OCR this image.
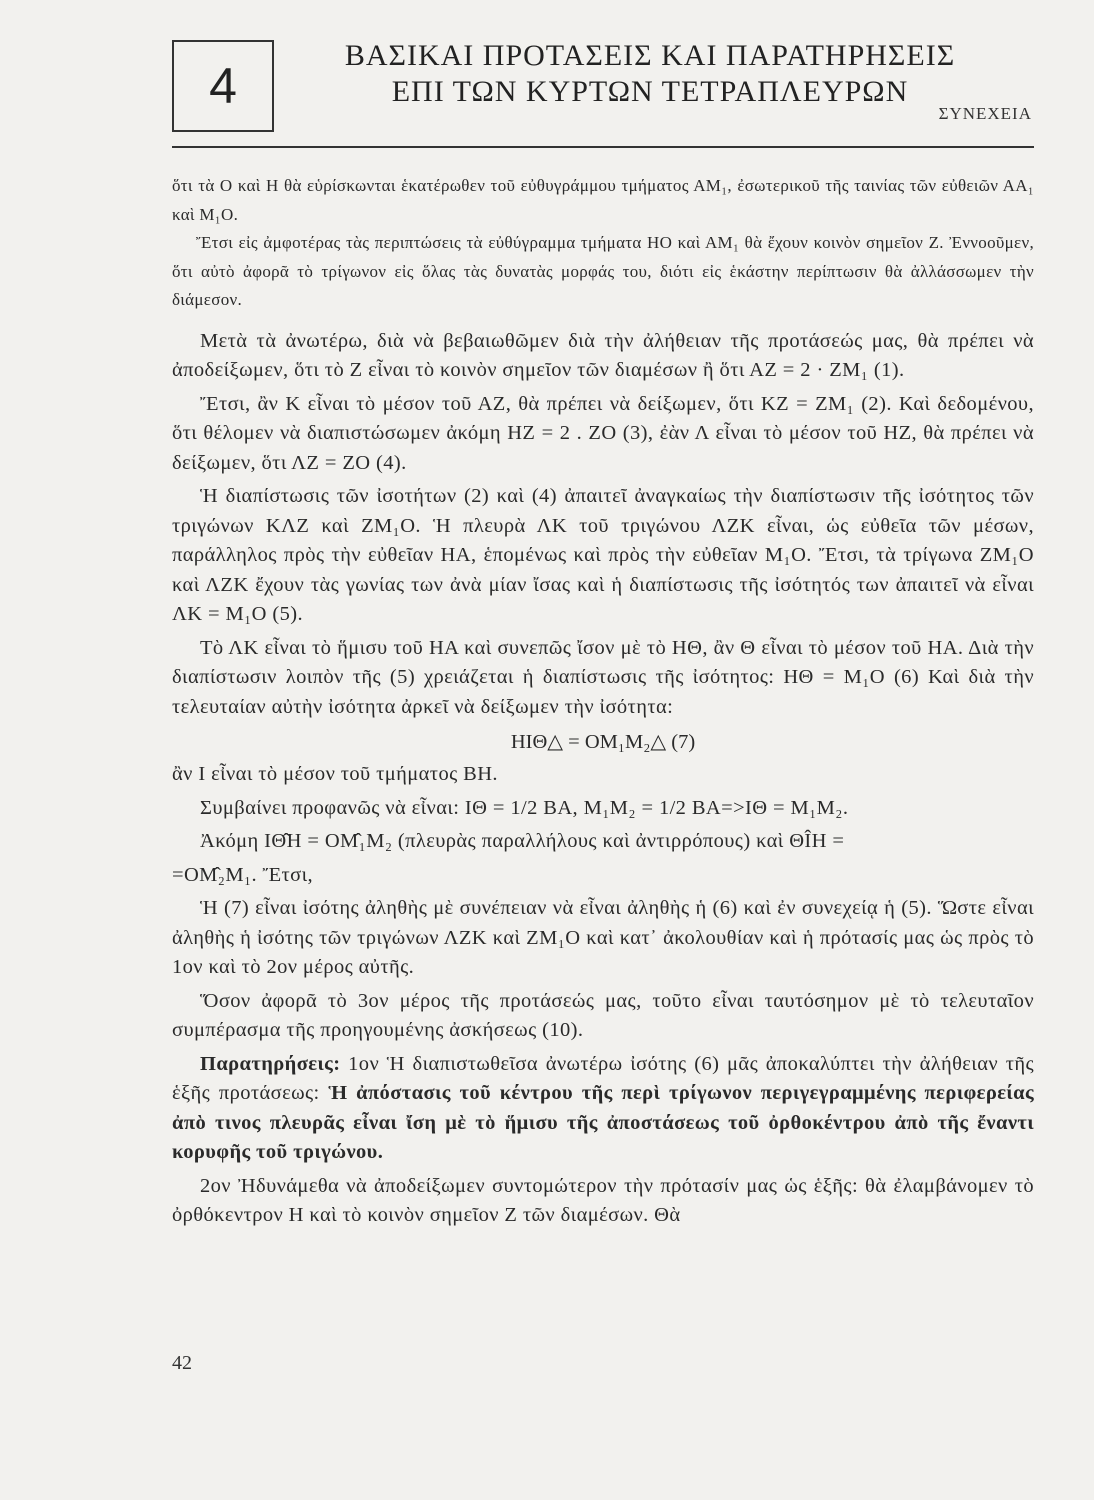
4
ΒΑΣΙΚΑΙ ΠΡΟΤΑΣΕΙΣ ΚΑΙ ΠΑΡΑΤΗΡΗΣΕΙΣ
ΕΠΙ ΤΩΝ ΚΥΡΤΩΝ ΤΕΤΡΑΠΛΕΥΡΩΝ
ΣΥΝΕΧΕΙΑ

ὅτι τὰ Ο καὶ Η θὰ εὑρίσκωνται ἑκατέρωθεν τοῦ εὐθυγράμμου τμήματος ΑΜ₁, ἐσωτερικοῦ τῆς ταινίας τῶν εὐθειῶν ΑΑ₁ καὶ Μ₁Ο.

Ἔτσι εἰς ἀμφοτέρας τὰς περιπτώσεις τὰ εὐθύγραμμα τμήματα ΗΟ καὶ ΑΜ₁ θὰ ἔχουν κοινὸν σημεῖον Ζ. Ἐννοοῦμεν, ὅτι αὐτὸ ἀφορᾶ τὸ τρίγωνον εἰς ὅλας τὰς δυνατὰς μορφάς του, διότι εἰς ἑκάστην περίπτωσιν θὰ ἀλλάσσωμεν τὴν διάμεσον.

Μετὰ τὰ ἀνωτέρω, διὰ νὰ βεβαιωθῶμεν διὰ τὴν ἀλήθειαν τῆς προτάσεώς μας, θὰ πρέπει νὰ ἀποδείξωμεν, ὅτι τὸ Ζ εἶναι τὸ κοινὸν σημεῖον τῶν διαμέσων ἢ ὅτι ΑΖ = 2 · ΖΜ₁ (1).

Ἔτσι, ἂν Κ εἶναι τὸ μέσον τοῦ ΑΖ, θὰ πρέπει νὰ δείξωμεν, ὅτι ΚΖ = ΖΜ₁ (2). Καὶ δεδομένου, ὅτι θέλομεν νὰ διαπιστώσωμεν ἀκόμη ΗΖ = 2 . ΖΟ (3), ἐὰν Λ εἶναι τὸ μέσον τοῦ ΗΖ, θὰ πρέπει νὰ δείξωμεν, ὅτι ΛΖ = ΖΟ (4).

Ἡ διαπίστωσις τῶν ἰσοτήτων (2) καὶ (4) ἀπαιτεῖ ἀναγκαίως τὴν διαπίστωσιν τῆς ἰσότητος τῶν τριγώνων ΚΛΖ καὶ ΖΜ₁Ο. Ἡ πλευρὰ ΛΚ τοῦ τριγώνου ΛΖΚ εἶναι, ὡς εὐθεῖα τῶν μέσων, παράλληλος πρὸς τὴν εὐθεῖαν ΗΑ, ἑπομένως καὶ πρὸς τὴν εὐθεῖαν Μ₁Ο. Ἔτσι, τὰ τρίγωνα ΖΜ₁Ο καὶ ΛΖΚ ἔχουν τὰς γωνίας των ἀνὰ μίαν ἴσας καὶ ἡ διαπίστωσις τῆς ἰσότητός των ἀπαιτεῖ νὰ εἶναι ΛΚ = Μ₁Ο (5).

Τὸ ΛΚ εἶναι τὸ ἥμισυ τοῦ ΗΑ καὶ συνεπῶς ἴσον μὲ τὸ ΗΘ, ἂν Θ εἶναι τὸ μέσον τοῦ ΗΑ. Διὰ τὴν διαπίστωσιν λοιπὸν τῆς (5) χρειάζεται ἡ διαπίστωσις τῆς ἰσότητος: ΗΘ = Μ₁Ο (6) Καὶ διὰ τὴν τελευταίαν αὐτὴν ἰσότητα ἀρκεῖ νὰ δείξωμεν τὴν ἰσότητα:

ΗΙΘ△ = ΟΜ₁Μ₂△ (7)

ἂν Ι εἶναι τὸ μέσον τοῦ τμήματος ΒΗ.

Συμβαίνει προφανῶς νὰ εἶναι: ΙΘ = 1/2 ΒΑ, Μ₁Μ₂ = 1/2 ΒΑ=>ΙΘ = Μ₁Μ₂.

Ἀκόμη ΙΘ̂Η = ΟΜ̂₁Μ₂ (πλευρὰς παραλλήλους καὶ ἀντιρρόπους) καὶ ΘÎΗ =

=ΟΜ̂₂Μ₁. Ἔτσι,

Ἡ (7) εἶναι ἰσότης ἀληθὴς μὲ συνέπειαν νὰ εἶναι ἀληθὴς ἡ (6) καὶ ἐν συνεχείᾳ ἡ (5). Ὥστε εἶναι ἀληθὴς ἡ ἰσότης τῶν τριγώνων ΛΖΚ καὶ ΖΜ₁Ο καὶ κατ᾽ ἀκολουθίαν καὶ ἡ πρότασίς μας ὡς πρὸς τὸ 1ον καὶ τὸ 2ον μέρος αὐτῆς.

Ὅσον ἀφορᾶ τὸ 3ον μέρος τῆς προτάσεώς μας, τοῦτο εἶναι ταυτόσημον μὲ τὸ τελευταῖον συμπέρασμα τῆς προηγουμένης ἀσκήσεως (10).

Παρατηρήσεις: 1ον Ἡ διαπιστωθεῖσα ἀνωτέρω ἰσότης (6) μᾶς ἀποκαλύπτει τὴν ἀλήθειαν τῆς ἑξῆς προτάσεως: Ἡ ἀπόστασις τοῦ κέντρου τῆς περὶ τρίγωνον περιγεγραμμένης περιφερείας ἀπὸ τινος πλευρᾶς εἶναι ἴση μὲ τὸ ἥμισυ τῆς ἀποστάσεως τοῦ ὀρθοκέντρου ἀπὸ τῆς ἔναντι κορυφῆς τοῦ τριγώνου.

2ον Ἠδυνάμεθα νὰ ἀποδείξωμεν συντομώτερον τὴν πρότασίν μας ὡς ἑξῆς: θὰ ἐλαμβάνομεν τὸ ὀρθόκεντρον Η καὶ τὸ κοινὸν σημεῖον Ζ τῶν διαμέσων. Θὰ

42
